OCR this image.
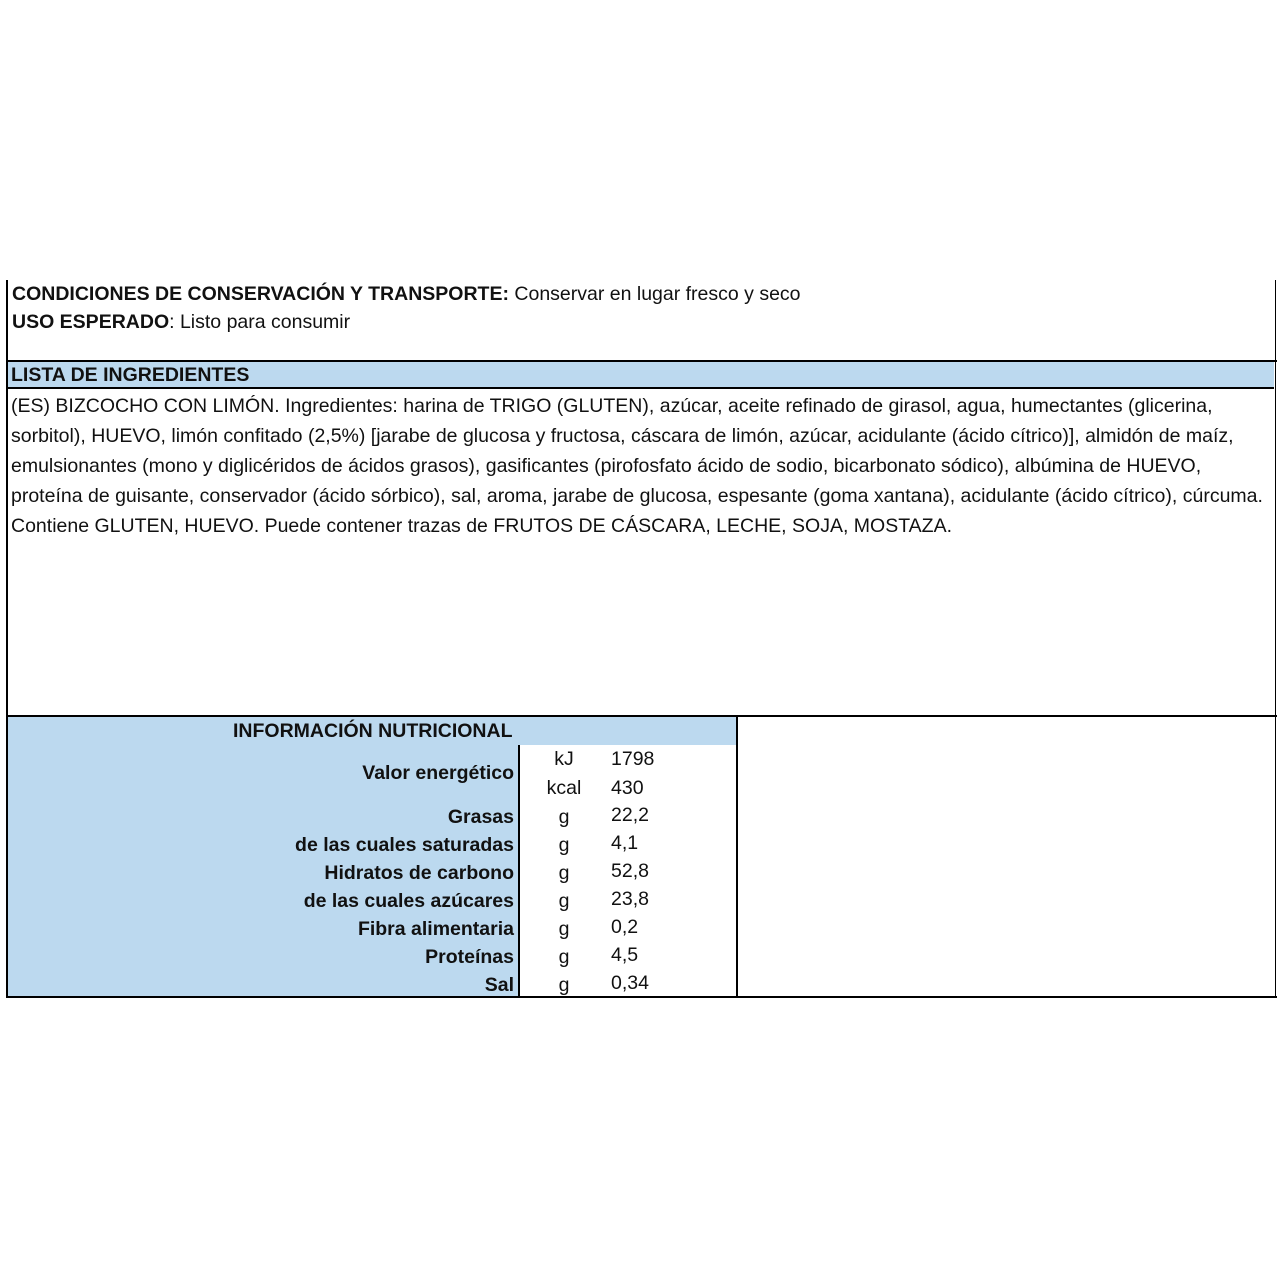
CONDICIONES DE CONSERVACIÓN Y TRANSPORTE: Conservar en lugar fresco y seco
USO ESPERADO: Listo para consumir
LISTA DE INGREDIENTES
(ES) BIZCOCHO CON LIMÓN. Ingredientes: harina de TRIGO (GLUTEN), azúcar, aceite refinado de girasol, agua, humectantes (glicerina, sorbitol), HUEVO, limón confitado (2,5%) [jarabe de glucosa y fructosa, cáscara de limón, azúcar, acidulante (ácido cítrico)], almidón de maíz, emulsionantes (mono y diglicéridos de ácidos grasos), gasificantes (pirofosfato ácido de sodio, bicarbonato sódico), albúmina de HUEVO, proteína de guisante, conservador (ácido sórbico), sal, aroma, jarabe de glucosa, espesante (goma xantana), acidulante (ácido cítrico), cúrcuma. Contiene GLUTEN, HUEVO. Puede contener trazas de FRUTOS DE CÁSCARA, LECHE, SOJA, MOSTAZA.
INFORMACIÓN NUTRICIONAL
Valor energético
Grasas
de las cuales saturadas
Hidratos de carbono
de las cuales azúcares
Fibra alimentaria
Proteínas
Sal
kJ
kcal
g
g
g
g
g
g
g
1798
430
22,2
4,1
52,8
23,8
0,2
4,5
0,34
